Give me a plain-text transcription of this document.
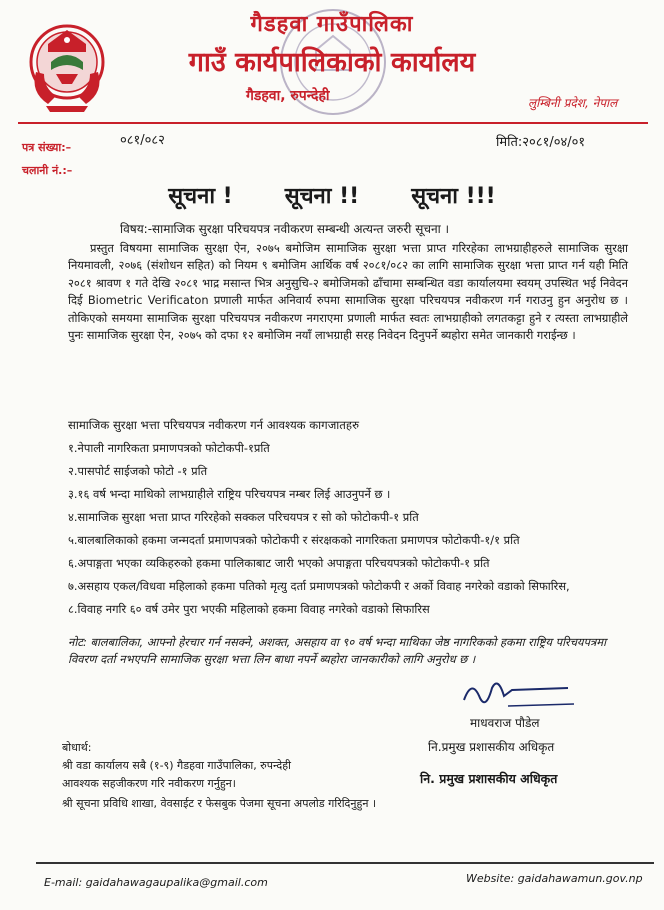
गैडहवा गाउँपालिका
गाउँ कार्यपालिकाको कार्यालय
गैडहवा, रुपन्देही	लुम्बिनी प्रदेश, नेपाल
पत्र संख्या:–	०८१/०८२	मिति:२०८१/०४/०१
चलानी नं.:–
सूचना ! सूचना !! सूचना !!!
विषय:-सामाजिक सुरक्षा परिचयपत्र नवीकरण सम्बन्धी अत्यन्त जरुरी सूचना ।
प्रस्तुत विषयमा सामाजिक सुरक्षा ऐन, २०७५ बमोजिम सामाजिक सुरक्षा भत्ता प्राप्त गरिरहेका लाभग्राहीहरुले सामाजिक सुरक्षा नियमावली, २०७६ (संशोधन सहित) को नियम ९ बमोजिम आर्थिक वर्ष २०८१/०८२ का लागि सामाजिक सुरक्षा भत्ता प्राप्त गर्न यही मिति २०८१ श्रावण १ गते देखि २०८१ भाद्र मसान्त भित्र अनुसुचि-२ बमोजिमको ढाँचामा सम्बन्धित वडा कार्यालयमा स्वयम् उपस्थित भई निवेदन दिई Biometric Verificaton प्रणाली मार्फत अनिवार्य रुपमा सामाजिक सुरक्षा परिचयपत्र नवीकरण गर्न गराउनु हुन अनुरोध छ ।तोकिएको समयमा सामाजिक सुरक्षा परिचयपत्र नवीकरण नगराएमा प्रणाली मार्फत स्वतः लाभग्राहीको लगतकट्टा हुने र त्यस्ता लाभग्राहीले पुनः सामाजिक सुरक्षा ऐन, २०७५ को दफा १२ बमोजिम नयाँ लाभग्राही सरह निवेदन दिनुपर्ने ब्यहोरा समेत जानकारी गराईन्छ ।
सामाजिक सुरक्षा भत्ता परिचयपत्र नवीकरण गर्न आवश्यक कागजातहरु
१.नेपाली नागरिकता प्रमाणपत्रको फोटोकपी-१प्रति
२.पासपोर्ट साईजको फोटो -१ प्रति
३.१६ वर्ष भन्दा माथिको लाभग्राहीले राष्ट्रिय परिचयपत्र नम्बर लिई आउनुपर्ने छ ।
४.सामाजिक सुरक्षा भत्ता प्राप्त गरिरहेको सक्कल परिचयपत्र र सो को फोटोकपी-१ प्रति
५.बालबालिकाको हकमा जन्मदर्ता प्रमाणपत्रको फोटोकपी र संरक्षकको नागरिकता प्रमाणपत्र फोटोकपी-१/१ प्रति
६.अपाङ्गता भएका व्यकिहरुको हकमा पालिकाबाट जारी भएको अपाङ्गता परिचयपत्रको फोटोकपी-१ प्रति
७.असहाय एकल/विधवा महिलाको हकमा पतिको मृत्यु दर्ता प्रमाणपत्रको फोटोकपी र अर्को विवाह नगरेको वडाको सिफारिस,
८.विवाह नगरि ६० वर्ष उमेर पुरा भएकी महिलाको हकमा विवाह नगरेको वडाको सिफारिस
नोट: बालबालिका, आफ्नो हेरचार गर्न नसक्ने, अशक्त, असहाय वा ९० वर्ष भन्दा माथिका जेष्ठ नागरिकको हकमा राष्ट्रिय परिचयपत्रमा विवरण दर्ता नभएपनि सामाजिक सुरक्षा भत्ता लिन बाधा नपर्ने ब्यहोरा जानकारीको लागि अनुरोध छ ।
माधवराज पौडेल
नि.प्रमुख प्रशासकीय अधिकृत
बोधार्थ:
श्री वडा कार्यालय सबै (१-९) गैडहवा गाउँपालिका, रुपन्देही
आवश्यक सहजीकरण गरि नवीकरण गर्नुहुन।	नि. प्रमुख प्रशासकीय अधिकृत
श्री सूचना प्रविधि शाखा, वेवसाईट र फेसबुक पेजमा सूचना अपलोड गरिदिनुहुन ।
E-mail: gaidahawagaupalika@gmail.com	Website: gaidahawamun.gov.np
